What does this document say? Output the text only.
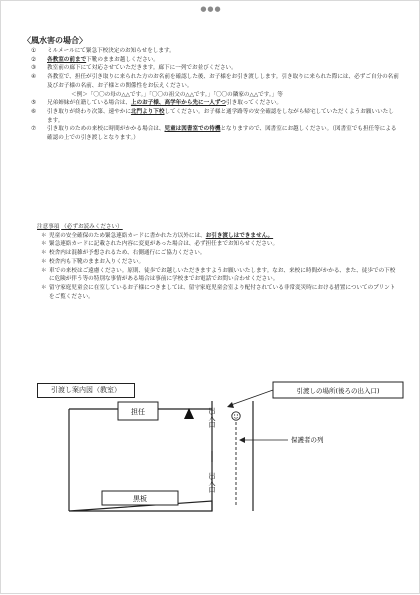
●●●
〈風水害の場合〉
① ミルメールにて緊急下校決定のお知らせをします。
② 各教室の前まで下靴のままお越しください。
③ 教室前の廊下にて対応させていただきます。廊下に一列でお並びください。
④ 各教室で、担任が引き取りに来られた方のお名前を確認した後、お子様をお引き渡しします。引き取りに来られた際には、必ずご自分の名前及びお子様の名前、お子様との関係性をお伝えください。
＜例＞「〇〇の母の△△です。」「〇〇の祖父の△△です。」「〇〇の隣家の△△です。」等
⑤ 兄弟姉妹が在籍している場合は、上のお子様、高学年から先に一人ずつ引き取ってください。
⑥ 引き取りが終わり次第、速やかに北門より下校してください。お子様と通学路等の安全確認をしながら帰宅していただくようお願いいたします。
⑦ 引き取りのための来校に時間がかかる場合は、児童は図書室での待機となりますので、図書室にお越しください。（図書室でも担任等による確認の上での引き渡しとなります。）
注意事項 （必ずお読みください）
＊ 児童の安全確保のため緊急連絡カードに書かれた方以外には、お引き渡しはできません。
＊ 緊急連絡カードに記載された内容に変更があった場合は、必ず担任までお知らせください。
＊ 校舎内は混雑が予想されるため、右側通行にご協力ください。
＊ 校舎内も下靴のままお入りください。
＊ 車での来校はご遠慮ください。原則、徒歩でお越しいただきますようお願いいたします。なお、来校に時間がかかる、また、徒歩での下校に危険が伴う等の特別な事情がある場合は事前に学校までお電話でお問い合わせください。
＊ 留守家庭児童会に在室しているお子様につきましては、留守家庭児童会室より配付されている非常変災時における措置についてのプリントをご覧ください。
引渡し案内図（教室）
担任
黒板
出入口
出入口
引渡しの場所(後ろの出入口)
保護者の列
